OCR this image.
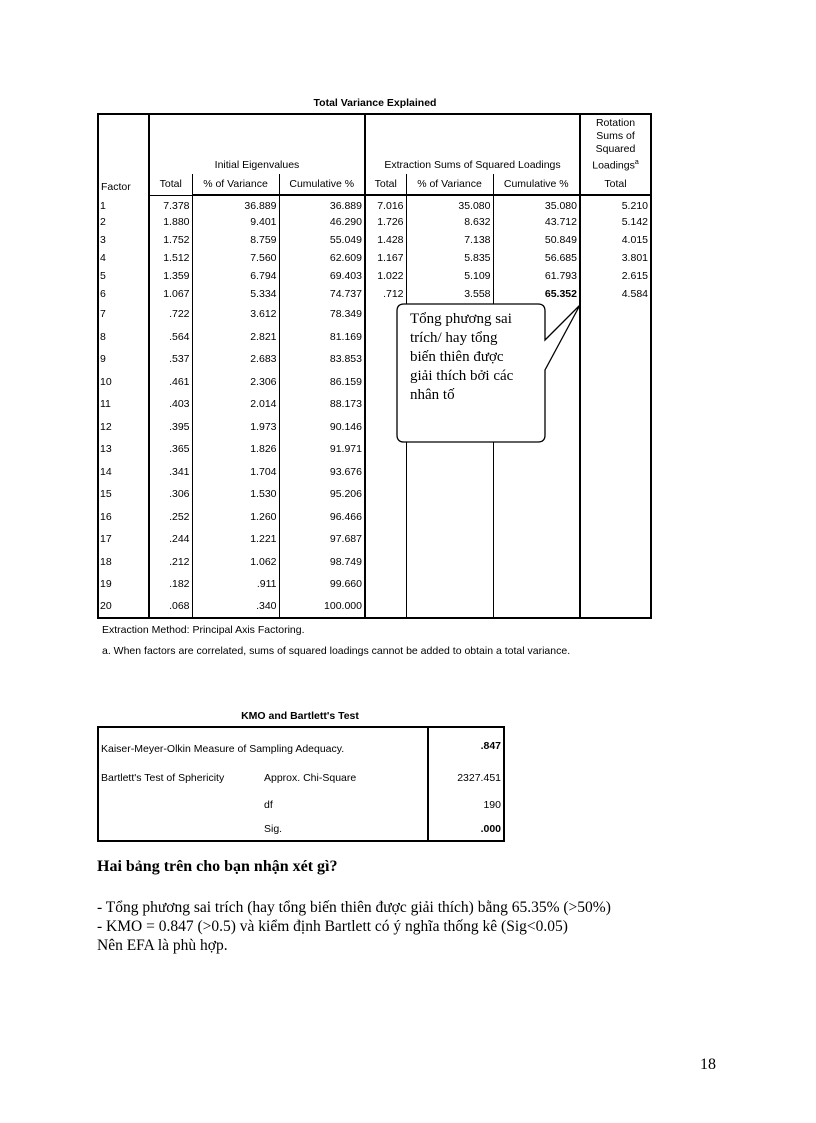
Total Variance Explained
Factor	Initial Eigenvalues			Extraction Sums of Squared Loadings			Rotation
Sums of
Squared
Loadings$^a$
	Total	% of Variance	Cumulative %	Total	% of Variance	Cumulative %	Total
1	7.378	36.889	36.889	7.016	35.080	35.080	5.210
2	1.880	9.401	46.290	1.726	8.632	43.712	5.142
3	1.752	8.759	55.049	1.428	7.138	50.849	4.015
4	1.512	7.560	62.609	1.167	5.835	56.685	3.801
5	1.359	6.794	69.403	1.022	5.109	61.793	2.615
6	1.067	5.334	74.737	.712	3.558	65.352	4.584
7	.722	3.612	78.349				
8	.564	2.821	81.169				
9	.537	2.683	83.853				
10	.461	2.306	86.159				
11	.403	2.014	88.173				
12	.395	1.973	90.146				
13	.365	1.826	91.971				
14	.341	1.704	93.676				
15	.306	1.530	95.206				
16	.252	1.260	96.466				
17	.244	1.221	97.687				
18	.212	1.062	98.749				
19	.182	.911	99.660				
20	.068	.340	100.000				
Extraction Method: Principal Axis Factoring.
a. When factors are correlated, sums of squared loadings cannot be added to obtain a total variance.
Tổng phương sai
trích/ hay tổng
biến thiên được
giải thích bởi các
nhân tố
KMO and Bartlett's Test
Kaiser-Meyer-Olkin Measure of Sampling Adequacy.		.847
Bartlett's Test of Sphericity	Approx. Chi-Square	2327.451
	df	190
	Sig.	.000
Hai bảng trên cho bạn nhận xét gì?
- Tổng phương sai trích (hay tổng biến thiên được giải thích) bằng 65.35% (>50%)
- KMO = 0.847 (>0.5) và kiểm định Bartlett có ý nghĩa thống kê (Sig<0.05)
Nên EFA là phù hợp.
18
